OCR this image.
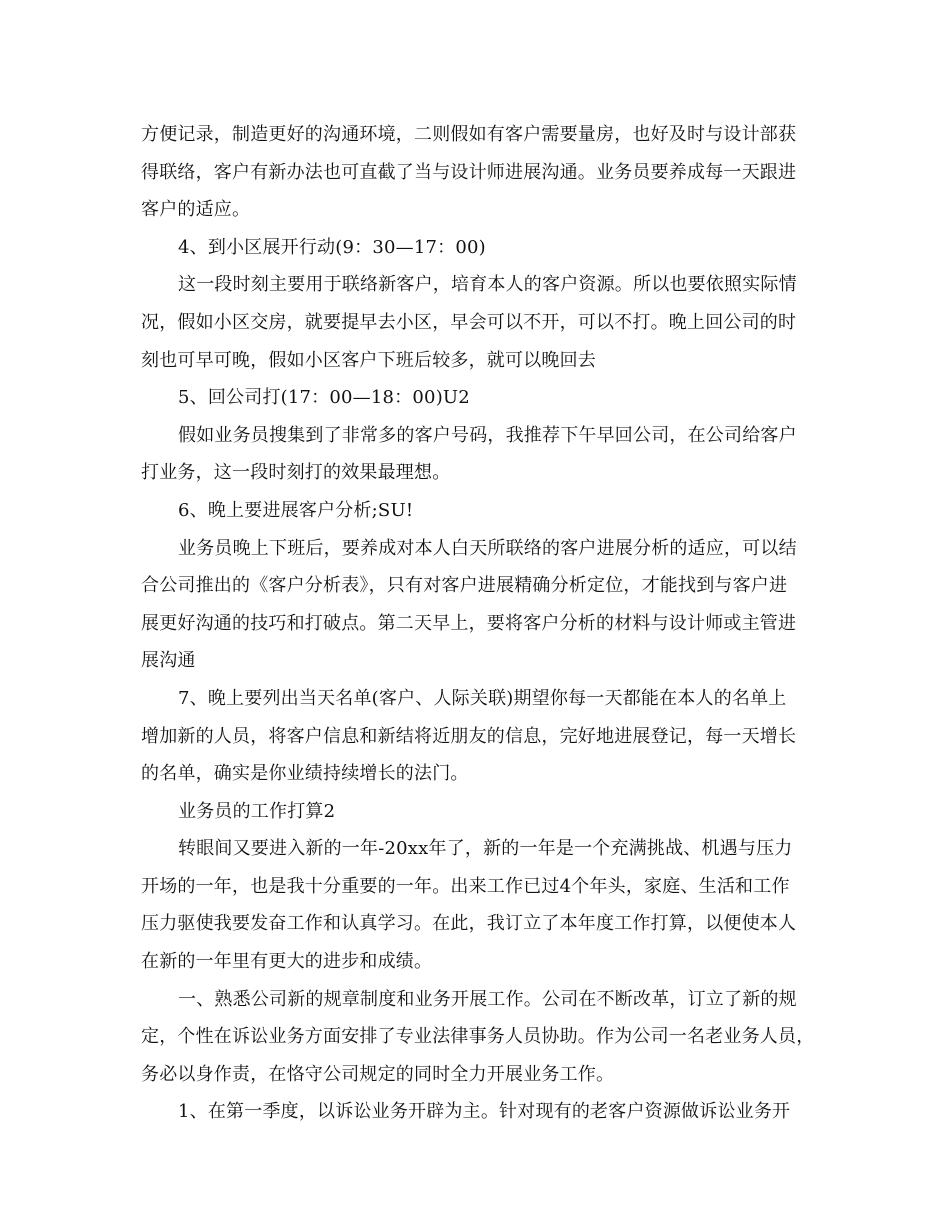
方便记录，制造更好的沟通环境，二则假如有客户需要量房，也好及时与设计部获
得联络，客户有新办法也可直截了当与设计师进展沟通。业务员要养成每一天跟进
客户的适应。
4、到小区展开行动(9：30—17：00)
这一段时刻主要用于联络新客户，培育本人的客户资源。所以也要依照实际情
况，假如小区交房，就要提早去小区，早会可以不开，可以不打。晚上回公司的时
刻也可早可晚，假如小区客户下班后较多，就可以晚回去
5、回公司打(17：00—18：00)U2
假如业务员搜集到了非常多的客户号码，我推荐下午早回公司，在公司给客户
打业务，这一段时刻打的效果最理想。
6、晚上要进展客户分析;SU!
业务员晚上下班后，要养成对本人白天所联络的客户进展分析的适应，可以结
合公司推出的《客户分析表》，只有对客户进展精确分析定位，才能找到与客户进
展更好沟通的技巧和打破点。第二天早上，要将客户分析的材料与设计师或主管进
展沟通
7、晚上要列出当天名单(客户、人际关联)期望你每一天都能在本人的名单上
增加新的人员，将客户信息和新结将近朋友的信息，完好地进展登记，每一天增长
的名单，确实是你业绩持续增长的法门。
业务员的工作打算2
转眼间又要进入新的一年-20xx年了，新的一年是一个充满挑战、机遇与压力
开场的一年，也是我十分重要的一年。出来工作已过4个年头，家庭、生活和工作
压力驱使我要发奋工作和认真学习。在此，我订立了本年度工作打算，以便使本人
在新的一年里有更大的进步和成绩。
一、熟悉公司新的规章制度和业务开展工作。公司在不断改革，订立了新的规
定，个性在诉讼业务方面安排了专业法律事务人员协助。作为公司一名老业务人员，
务必以身作责，在恪守公司规定的同时全力开展业务工作。
1、在第一季度，以诉讼业务开辟为主。针对现有的老客户资源做诉讼业务开
